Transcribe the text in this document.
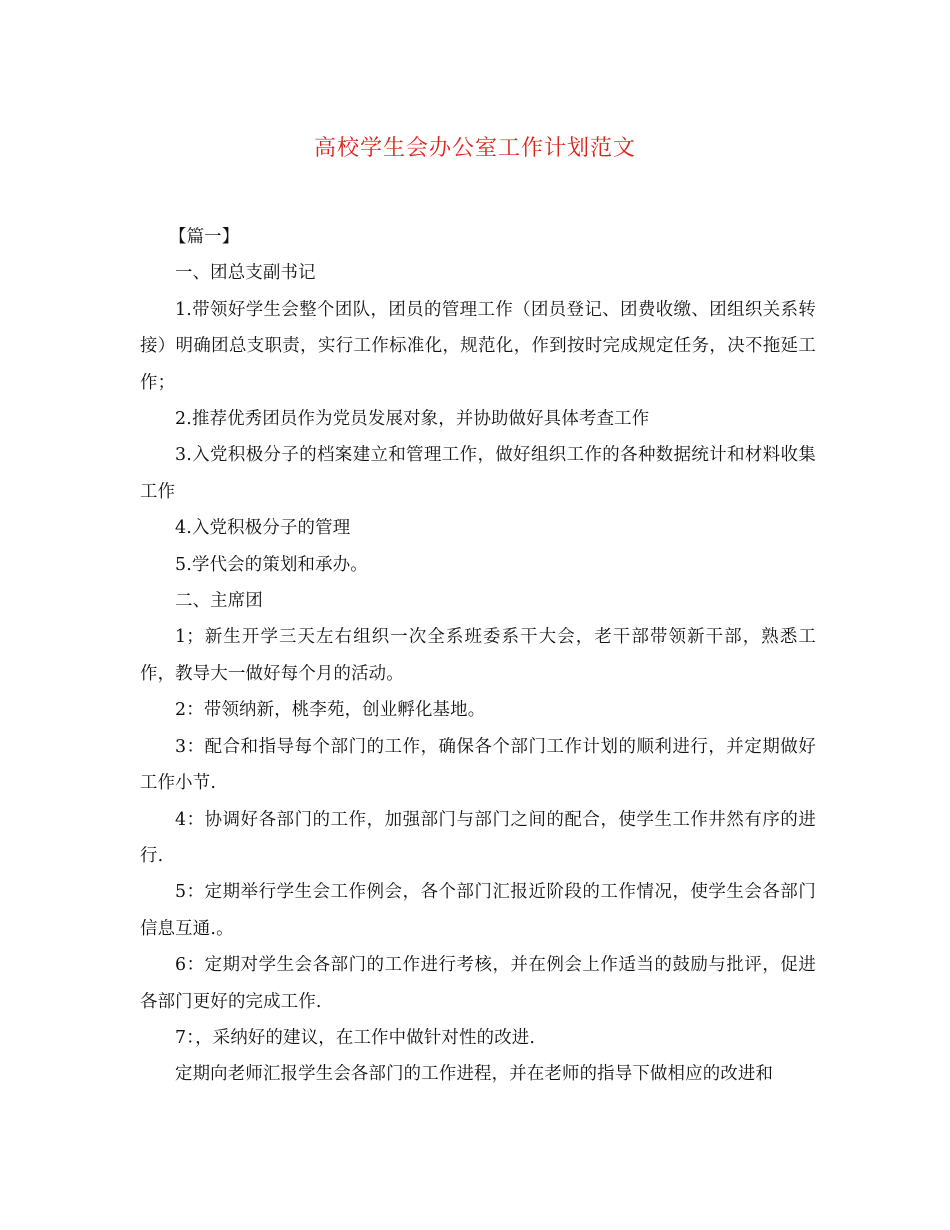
高校学生会办公室工作计划范文

【篇一】

一、团总支副书记

1.带领好学生会整个团队，团员的管理工作（团员登记、团费收缴、团组织关系转接）明确团总支职责，实行工作标准化，规范化，作到按时完成规定任务，决不拖延工作；

2.推荐优秀团员作为党员发展对象，并协助做好具体考查工作

3.入党积极分子的档案建立和管理工作，做好组织工作的各种数据统计和材料收集工作

4.入党积极分子的管理

5.学代会的策划和承办。

二、主席团

1；新生开学三天左右组织一次全系班委系干大会，老干部带领新干部，熟悉工作，教导大一做好每个月的活动。

2：带领纳新，桃李苑，创业孵化基地。

3：配合和指导每个部门的工作，确保各个部门工作计划的顺利进行，并定期做好工作小节.

4：协调好各部门的工作，加强部门与部门之间的配合，使学生工作井然有序的进行.

5：定期举行学生会工作例会，各个部门汇报近阶段的工作情况，使学生会各部门信息互通.。

6：定期对学生会各部门的工作进行考核，并在例会上作适当的鼓励与批评，促进各部门更好的完成工作.

7：，采纳好的建议，在工作中做针对性的改进.

定期向老师汇报学生会各部门的工作进程，并在老师的指导下做相应的改进和
